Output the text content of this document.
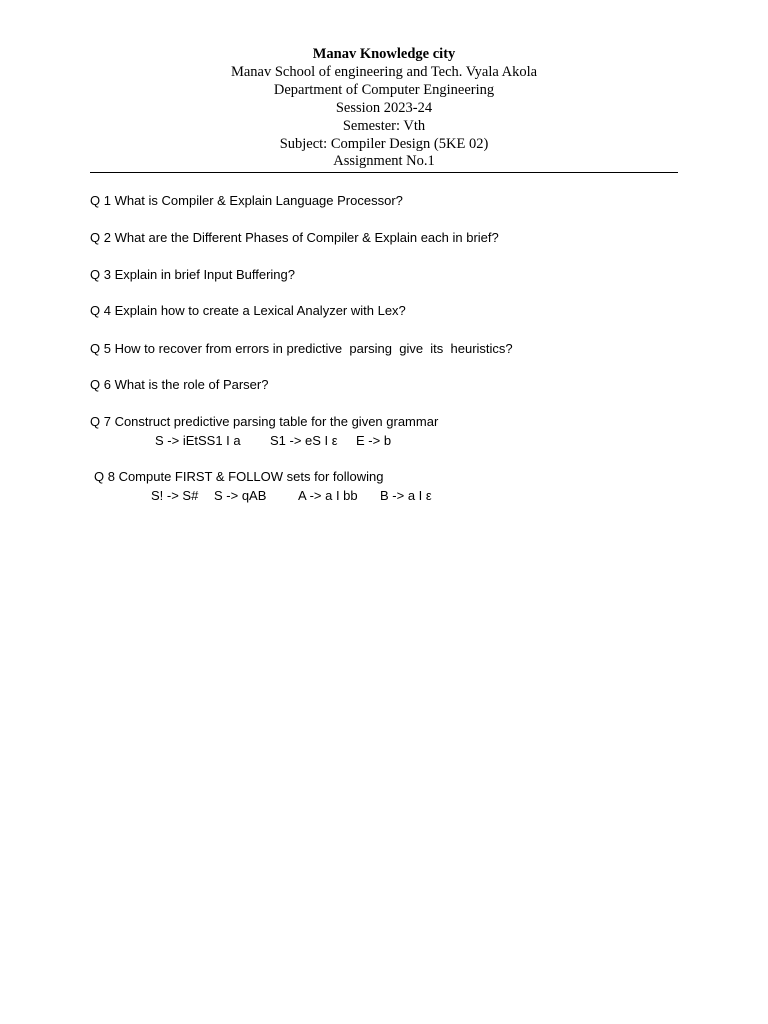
Manav Knowledge city
Manav School of engineering and Tech. Vyala Akola
Department of Computer Engineering
Session 2023-24
Semester: Vth
Subject: Compiler Design (5KE 02)
Assignment No.1
Q 1 What is Compiler & Explain Language Processor?
Q 2 What are the Different Phases of Compiler & Explain each in brief?
Q 3 Explain in brief Input Buffering?
Q 4 Explain how to create a Lexical Analyzer with Lex?
Q 5 How to recover from errors in predictive  parsing  give  its  heuristics?
Q 6 What is the role of Parser?
Q 7 Construct predictive parsing table for the given grammar
S -> iEtSS1 I a S1 -> eS I ε E -> b
Q 8 Compute FIRST & FOLLOW sets for following
S! -> S# S -> qAB A -> a I bb B -> a I ε
